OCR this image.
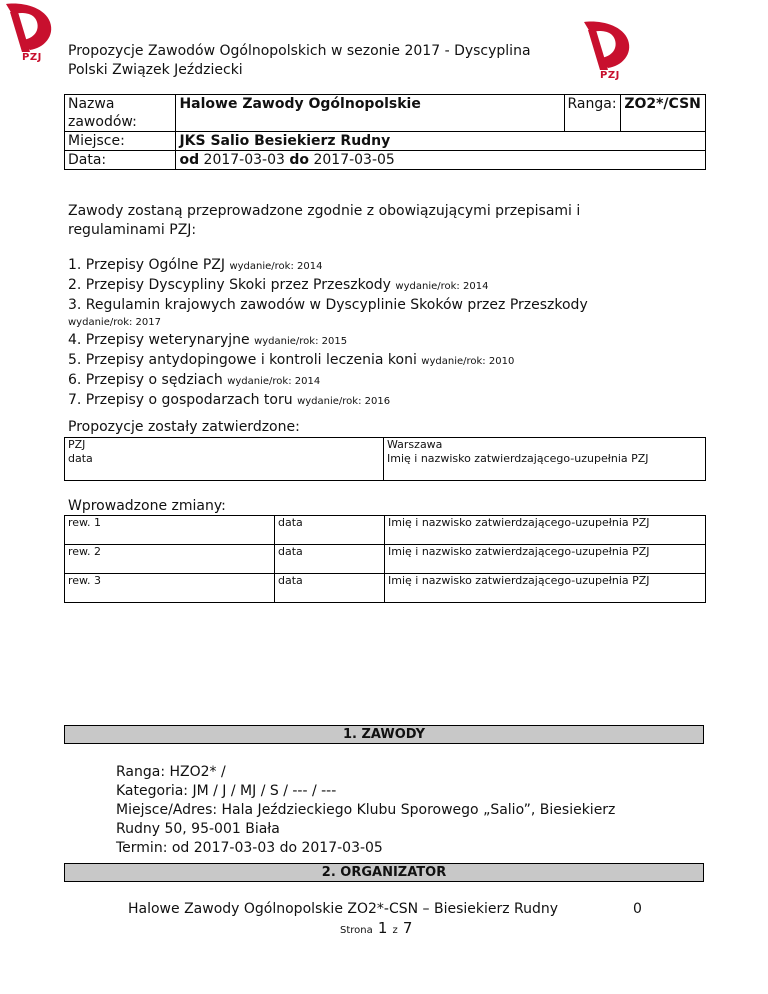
PZJ
PZJ
Propozycje Zawodów Ogólnopolskich w sezonie 2017 - Dyscyplina
Polski Związek Jeździecki
Nazwa zawodów:	Halowe Zawody Ogólnopolskie	Ranga:	ZO2*/CSN
Miejsce:	JKS Salio Besiekierz Rudny		
Data:	od 2017-03-03 do 2017-03-05		
Zawody zostaną przeprowadzone zgodnie z obowiązującymi przepisami i regulaminami PZJ:
1. Przepisy Ogólne PZJ wydanie/rok: 2014
2. Przepisy Dyscypliny Skoki przez Przeszkody wydanie/rok: 2014
3. Regulamin krajowych zawodów w Dyscyplinie Skoków przez Przeszkody
$^{wydanie/rok: 2017}$
4. Przepisy weterynaryjne wydanie/rok: 2015
5. Przepisy antydopingowe i kontroli leczenia koni wydanie/rok: 2010
6. Przepisy o sędziach wydanie/rok: 2014
7. Przepisy o gospodarzach toru wydanie/rok: 2016
Propozycje zostały zatwierdzone:
PZJ
data

Warszawa
Imię i nazwisko zatwierdzającego-uzupełnia PZJ
Wprowadzone zmiany:
rew. 1	data	Imię i nazwisko zatwierdzającego-uzupełnia PZJ
rew. 2	data	Imię i nazwisko zatwierdzającego-uzupełnia PZJ
rew. 3	data	Imię i nazwisko zatwierdzającego-uzupełnia PZJ
1. ZAWODY
Ranga: HZO2* /
Kategoria: JM / J / MJ / S / --- / ---
Miejsce/Adres: Hala Jeździeckiego Klubu Sporowego „Salio”, Biesiekierz
Rudny 50, 95-001 Biała
Termin: od 2017-03-03 do 2017-03-05
2. ORGANIZATOR
Halowe Zawody Ogólnopolskie ZO2*-CSN – Biesiekierz Rudny	0
Strona 1 z 7
